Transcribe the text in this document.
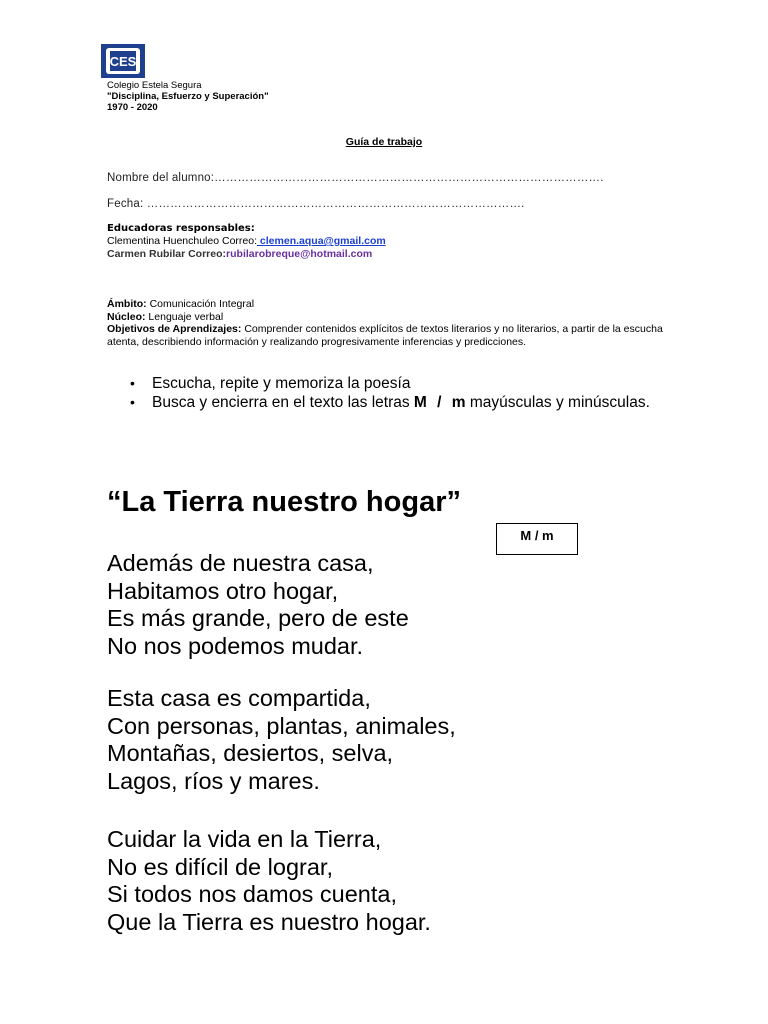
CES
Colegio Estela Segura
"Disciplina, Esfuerzo y Superación"
1970 - 2020
Guía de trabajo
Nombre del alumno:……………………………………………………………………………………….
Fecha: …………………………………………………………………………………….
Educadoras responsables:
Clementina Huenchuleo Correo: clemen.aqua@gmail.com
Carmen Rubilar Correo:rubilarobreque@hotmail.com
Ámbito: Comunicación Integral
Núcleo: Lenguaje verbal
Objetivos de Aprendizajes: Comprender contenidos explícitos de textos literarios y no literarios, a partir de la escucha atenta, describiendo información y realizando progresivamente inferencias y predicciones.
• Escucha, repite y memoriza la poesía
• Busca y encierra en el texto las letras M / m mayúsculas y minúsculas.
“La Tierra nuestro hogar”
M / m
Además de nuestra casa,
Habitamos otro hogar,
Es más grande, pero de este
No nos podemos mudar.
Esta casa es compartida,
Con personas, plantas, animales,
Montañas, desiertos, selva,
Lagos, ríos y mares.
Cuidar la vida en la Tierra,
No es difícil de lograr,
Si todos nos damos cuenta,
Que la Tierra es nuestro hogar.
